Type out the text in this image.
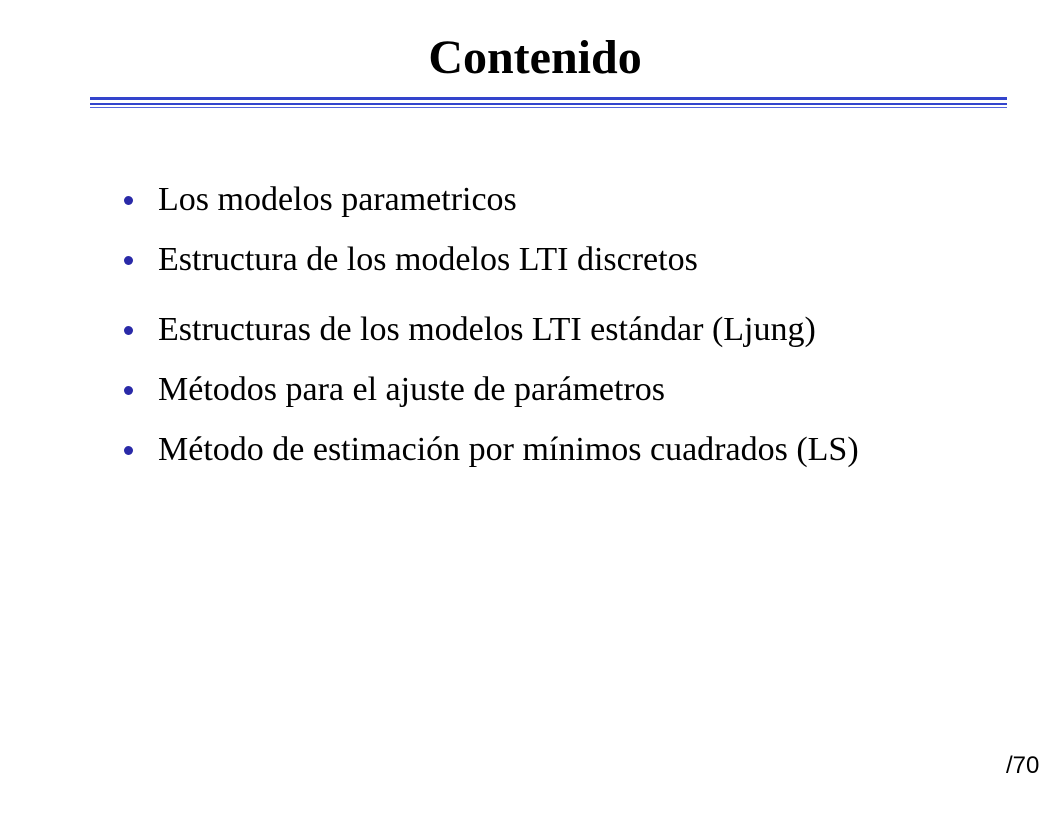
Contenido
Los modelos parametricos
Estructura de los modelos LTI discretos
Estructuras de los modelos LTI estándar (Ljung)
Métodos para el ajuste de parámetros
Método de estimación por mínimos cuadrados (LS)
/70
